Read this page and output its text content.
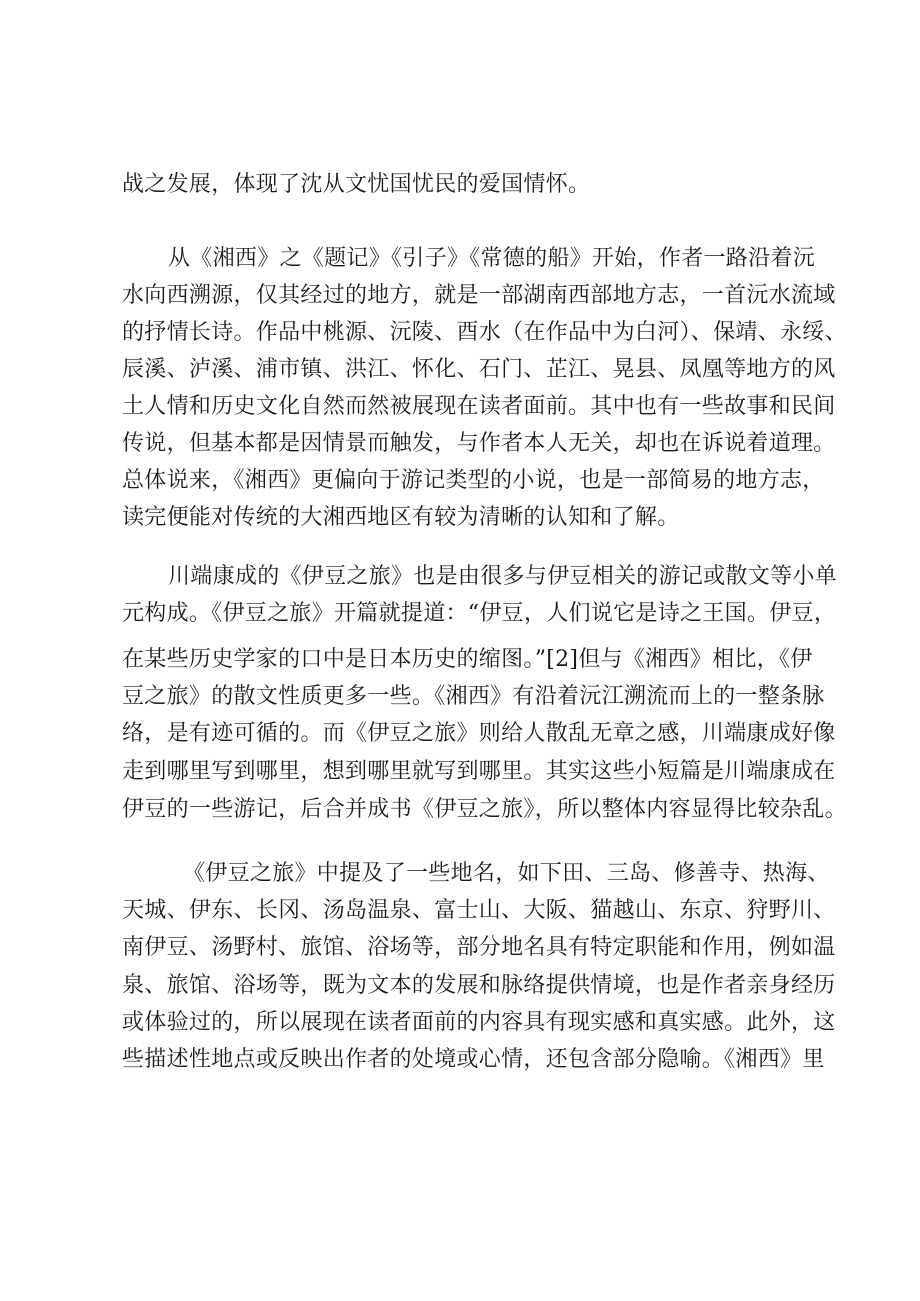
战之发展，体现了沈从文忧国忧民的爱国情怀。
从《湘西》之《题记》《引子》《常德的船》开始，作者一路沿着沅
水向西溯源，仅其经过的地方，就是一部湖南西部地方志，一首沅水流域
的抒情长诗。作品中桃源、沅陵、酉水（在作品中为白河）、保靖、永绥、
辰溪、泸溪、浦市镇、洪江、怀化、石门、芷江、晃县、凤凰等地方的风
土人情和历史文化自然而然被展现在读者面前。其中也有一些故事和民间
传说，但基本都是因情景而触发，与作者本人无关，却也在诉说着道理。
总体说来，《湘西》更偏向于游记类型的小说，也是一部简易的地方志，
读完便能对传统的大湘西地区有较为清晰的认知和了解。
川端康成的《伊豆之旅》也是由很多与伊豆相关的游记或散文等小单
元构成。《伊豆之旅》开篇就提道：“伊豆，人们说它是诗之王国。伊豆，
在某些历史学家的口中是日本历史的缩图。”[2]但与《湘西》相比，《伊
豆之旅》的散文性质更多一些。《湘西》有沿着沅江溯流而上的一整条脉
络，是有迹可循的。而《伊豆之旅》则给人散乱无章之感，川端康成好像
走到哪里写到哪里，想到哪里就写到哪里。其实这些小短篇是川端康成在
伊豆的一些游记，后合并成书《伊豆之旅》，所以整体内容显得比较杂乱。
《伊豆之旅》中提及了一些地名，如下田、三岛、修善寺、热海、
天城、伊东、长冈、汤岛温泉、富士山、大阪、猫越山、东京、狩野川、
南伊豆、汤野村、旅馆、浴场等，部分地名具有特定职能和作用，例如温
泉、旅馆、浴场等，既为文本的发展和脉络提供情境，也是作者亲身经历
或体验过的，所以展现在读者面前的内容具有现实感和真实感。此外，这
些描述性地点或反映出作者的处境或心情，还包含部分隐喻。《湘西》里
